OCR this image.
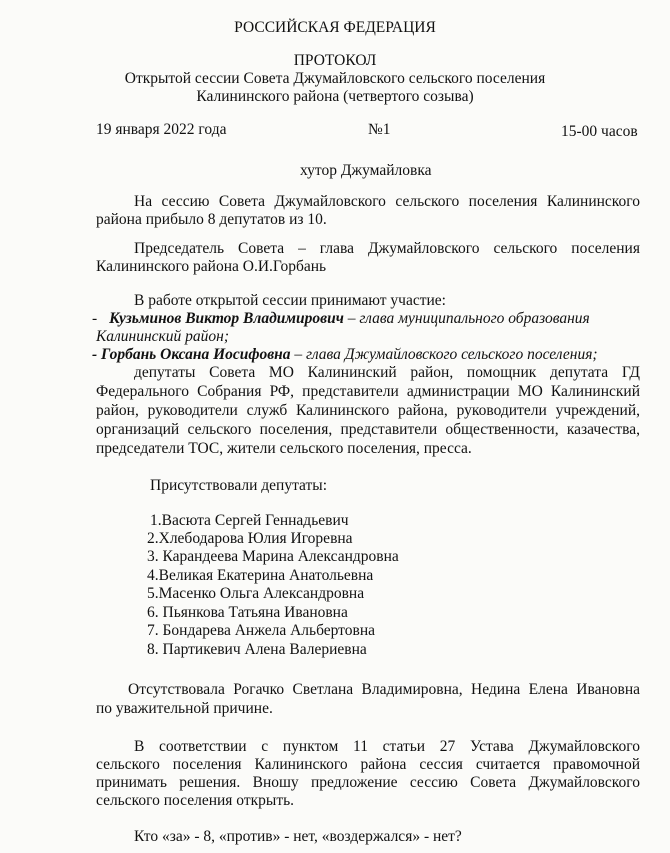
РОССИЙСКАЯ ФЕДЕРАЦИЯ

ПРОТОКОЛ

Открытой сессии Совета Джумайловского сельского поселения

Калининского района (четвертого созыва)

19 января 2022 года	№1	15-00 часов

хутор Джумайловка

На сессию Совета Джумайловского сельского поселения Калининского

района прибыло 8 депутатов из 10.

Председатель Совета – глава Джумайловского сельского поселения

Калининского района О.И.Горбань

В работе открытой сессии принимают участие:

- Кузьминов Виктор Владимирович – глава муниципального образования

Калининский район;

- Горбань Оксана Иосифовна – глава Джумайловского сельского поселения;

депутаты Совета МО Калининский район, помощник депутата ГД

Федерального Собрания РФ, представители администрации МО Калининский

район, руководители служб Калининского района, руководители учреждений,

организаций сельского поселения, представители общественности, казачества,

председатели ТОС, жители сельского поселения, пресса.

Присутствовали депутаты:

1.Васюта Сергей Геннадьевич

2.Хлебодарова Юлия Игоревна

3. Карандеева Марина Александровна

4.Великая Екатерина Анатольевна

5.Масенко Ольга Александровна

6. Пьянкова Татьяна Ивановна

7. Бондарева Анжела Альбертовна

8. Партикевич Алена Валериевна

Отсутствовала Рогачко Светлана Владимировна, Недина Елена Ивановна

по уважительной причине.

В соответствии с пунктом 11 статьи 27 Устава Джумайловского

сельского поселения Калининского района сессия считается правомочной

принимать решения. Вношу предложение сессию Совета Джумайловского

сельского поселения открыть.

Кто «за» - 8, «против» - нет, «воздержался» - нет?
